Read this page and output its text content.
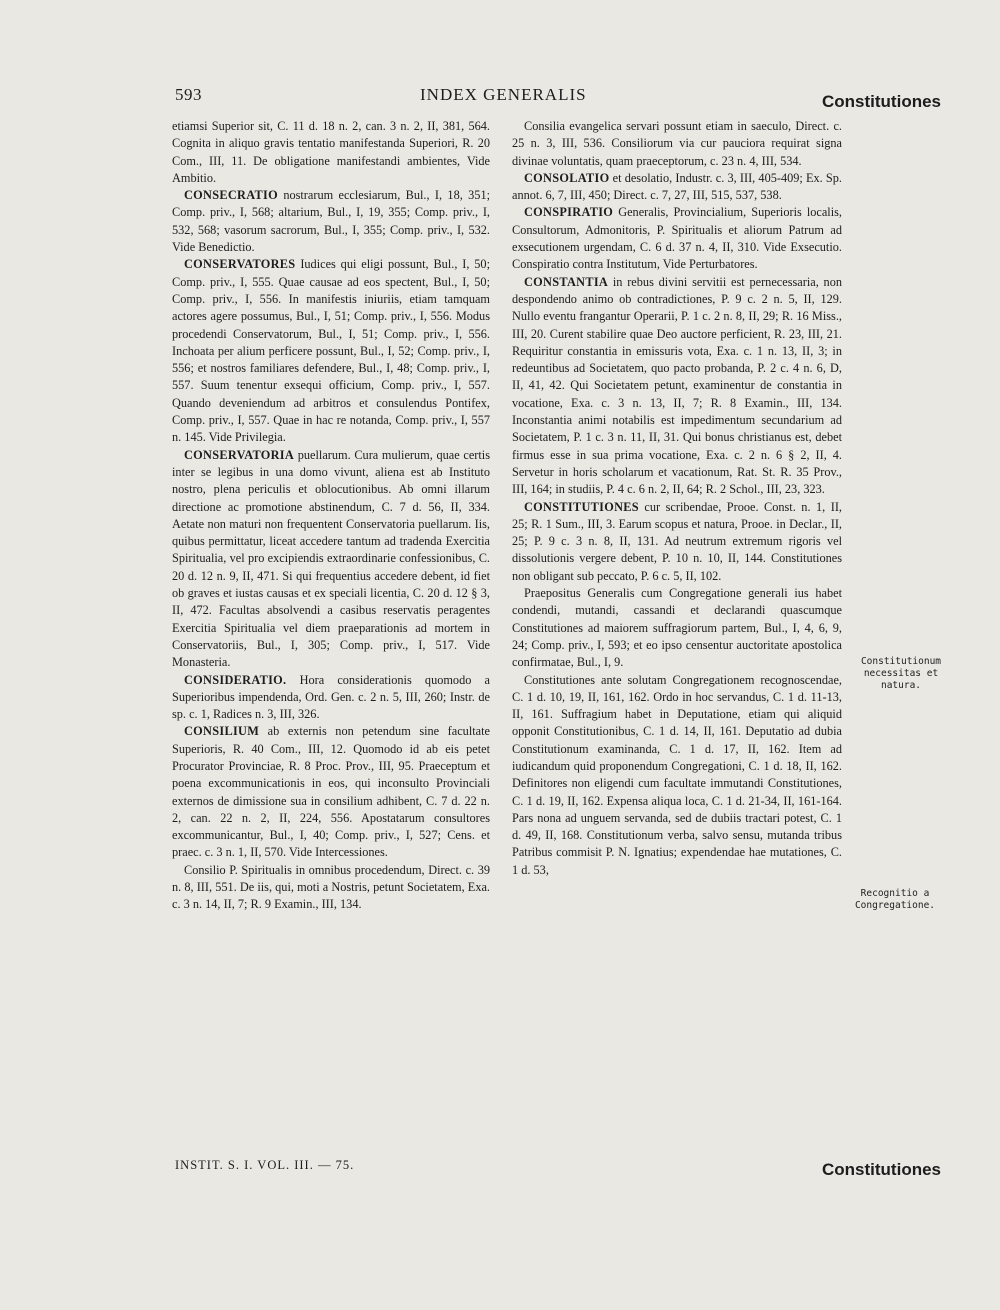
593	INDEX GENERALIS	Constitutiones

etiamsi Superior sit, C. 11 d. 18 n. 2, can. 3 n. 2, II, 381, 564. Cognita in aliquo gravis tentatio manifestanda Superiori, R. 20 Com., III, 11. De obligatione manifestandi ambientes, Vide Ambitio.

CONSECRATIO nostrarum ecclesiarum, Bul., I, 18, 351; Comp. priv., I, 568; altarium, Bul., I, 19, 355; Comp. priv., I, 532, 568; vasorum sacrorum, Bul., I, 355; Comp. priv., I, 532. Vide Benedictio.

CONSERVATORES Iudices qui eligi possunt, Bul., I, 50; Comp. priv., I, 555. Quae causae ad eos spectent, Bul., I, 50; Comp. priv., I, 556. In manifestis iniuriis, etiam tamquam actores agere possumus, Bul., I, 51; Comp. priv., I, 556. Modus procedendi Conservatorum, Bul., I, 51; Comp. priv., I, 556. Inchoata per alium perficere possunt, Bul., I, 52; Comp. priv., I, 556; et nostros familiares defendere, Bul., I, 48; Comp. priv., I, 557. Suum tenentur exsequi officium, Comp. priv., I, 557. Quando deveniendum ad arbitros et consulendus Pontifex, Comp. priv., I, 557. Quae in hac re notanda, Comp. priv., I, 557 n. 145. Vide Privilegia.

CONSERVATORIA puellarum. Cura mulierum, quae certis inter se legibus in una domo vivunt, aliena est ab Instituto nostro, plena periculis et oblocutionibus. Ab omni illarum directione ac promotione abstinendum, C. 7 d. 56, II, 334. Aetate non maturi non frequentent Conservatoria puellarum. Iis, quibus permittatur, liceat accedere tantum ad tradenda Exercitia Spiritualia, vel pro excipiendis extraordinarie confessionibus, C. 20 d. 12 n. 9, II, 471. Si qui frequentius accedere debent, id fiet ob graves et iustas causas et ex speciali licentia, C. 20 d. 12 § 3, II, 472. Facultas absolvendi a casibus reservatis peragentes Exercitia Spiritualia vel diem praeparationis ad mortem in Conservatoriis, Bul., I, 305; Comp. priv., I, 517. Vide Monasteria.

CONSIDERATIO. Hora considerationis quomodo a Superioribus impendenda, Ord. Gen. c. 2 n. 5, III, 260; Instr. de sp. c. 1, Radices n. 3, III, 326.

CONSILIUM ab externis non petendum sine facultate Superioris, R. 40 Com., III, 12. Quomodo id ab eis petet Procurator Provinciae, R. 8 Proc. Prov., III, 95. Praeceptum et poena excommunicationis in eos, qui inconsulto Provinciali externos de dimissione sua in consilium adhibent, C. 7 d. 22 n. 2, can. 22 n. 2, II, 224, 556. Apostatarum consultores excommunicantur, Bul., I, 40; Comp. priv., I, 527; Cens. et praec. c. 3 n. 1, II, 570. Vide Intercessiones.

Consilio P. Spiritualis in omnibus procedendum, Direct. c. 39 n. 8, III, 551. De iis, qui, moti a Nostris, petunt Societatem, Exa. c. 3 n. 14, II, 7; R. 9 Examin., III, 134.

Consilia evangelica servari possunt etiam in saeculo, Direct. c. 25 n. 3, III, 536. Consiliorum via cur pauciora requirat signa divinae voluntatis, quam praeceptorum, c. 23 n. 4, III, 534.

CONSOLATIO et desolatio, Industr. c. 3, III, 405-409; Ex. Sp. annot. 6, 7, III, 450; Direct. c. 7, 27, III, 515, 537, 538.

CONSPIRATIO Generalis, Provincialium, Superioris localis, Consultorum, Admonitoris, P. Spiritualis et aliorum Patrum ad exsecutionem urgendam, C. 6 d. 37 n. 4, II, 310. Vide Exsecutio. Conspiratio contra Institutum, Vide Perturbatores.

CONSTANTIA in rebus divini servitii est pernecessaria, non despondendo animo ob contradictiones, P. 9 c. 2 n. 5, II, 129. Nullo eventu frangantur Operarii, P. 1 c. 2 n. 8, II, 29; R. 16 Miss., III, 20. Curent stabilire quae Deo auctore perficient, R. 23, III, 21. Requiritur constantia in emissuris vota, Exa. c. 1 n. 13, II, 3; in redeuntibus ad Societatem, quo pacto probanda, P. 2 c. 4 n. 6, D, II, 41, 42. Qui Societatem petunt, examinentur de constantia in vocatione, Exa. c. 3 n. 13, II, 7; R. 8 Examin., III, 134. Inconstantia animi notabilis est impedimentum secundarium ad Societatem, P. 1 c. 3 n. 11, II, 31. Qui bonus christianus est, debet firmus esse in sua prima vocatione, Exa. c. 2 n. 6 § 2, II, 4. Servetur in horis scholarum et vacationum, Rat. St. R. 35 Prov., III, 164; in studiis, P. 4 c. 6 n. 2, II, 64; R. 2 Schol., III, 23, 323.

CONSTITUTIONES cur scribendae, Prooe. Const. n. 1, II, 25; R. 1 Sum., III, 3. Earum scopus et natura, Prooe. in Declar., II, 25; P. 9 c. 3 n. 8, II, 131. Ad neutrum extremum rigoris vel dissolutionis vergere debent, P. 10 n. 10, II, 144. Constitutiones non obligant sub peccato, P. 6 c. 5, II, 102.

Praepositus Generalis cum Congregatione generali ius habet condendi, mutandi, cassandi et declarandi quascumque Constitutiones ad maiorem suffragiorum partem, Bul., I, 4, 6, 9, 24; Comp. priv., I, 593; et eo ipso censentur auctoritate apostolica confirmatae, Bul., I, 9.

Constitutiones ante solutam Congregationem recognoscendae, C. 1 d. 10, 19, II, 161, 162. Ordo in hoc servandus, C. 1 d. 11-13, II, 161. Suffragium habet in Deputatione, etiam qui aliquid opponit Constitutionibus, C. 1 d. 14, II, 161. Deputatio ad dubia Constitutionum examinanda, C. 1 d. 17, II, 162. Item ad iudicandum quid proponendum Congregationi, C. 1 d. 18, II, 162. Definitores non eligendi cum facultate immutandi Constitutiones, C. 1 d. 19, II, 162. Expensa aliqua loca, C. 1 d. 21-34, II, 161-164. Pars nona ad unguem servanda, sed de dubiis tractari potest, C. 1 d. 49, II, 168. Constitutionum verba, salvo sensu, mutanda tribus Patribus commisit P. N. Ignatius; expendendae hae mutationes, C. 1 d. 53,

Constitutionum necessitas et natura.
Recognitio a Congregatione.
INSTIT. S. I. VOL. III. — 75.	Constitutiones
